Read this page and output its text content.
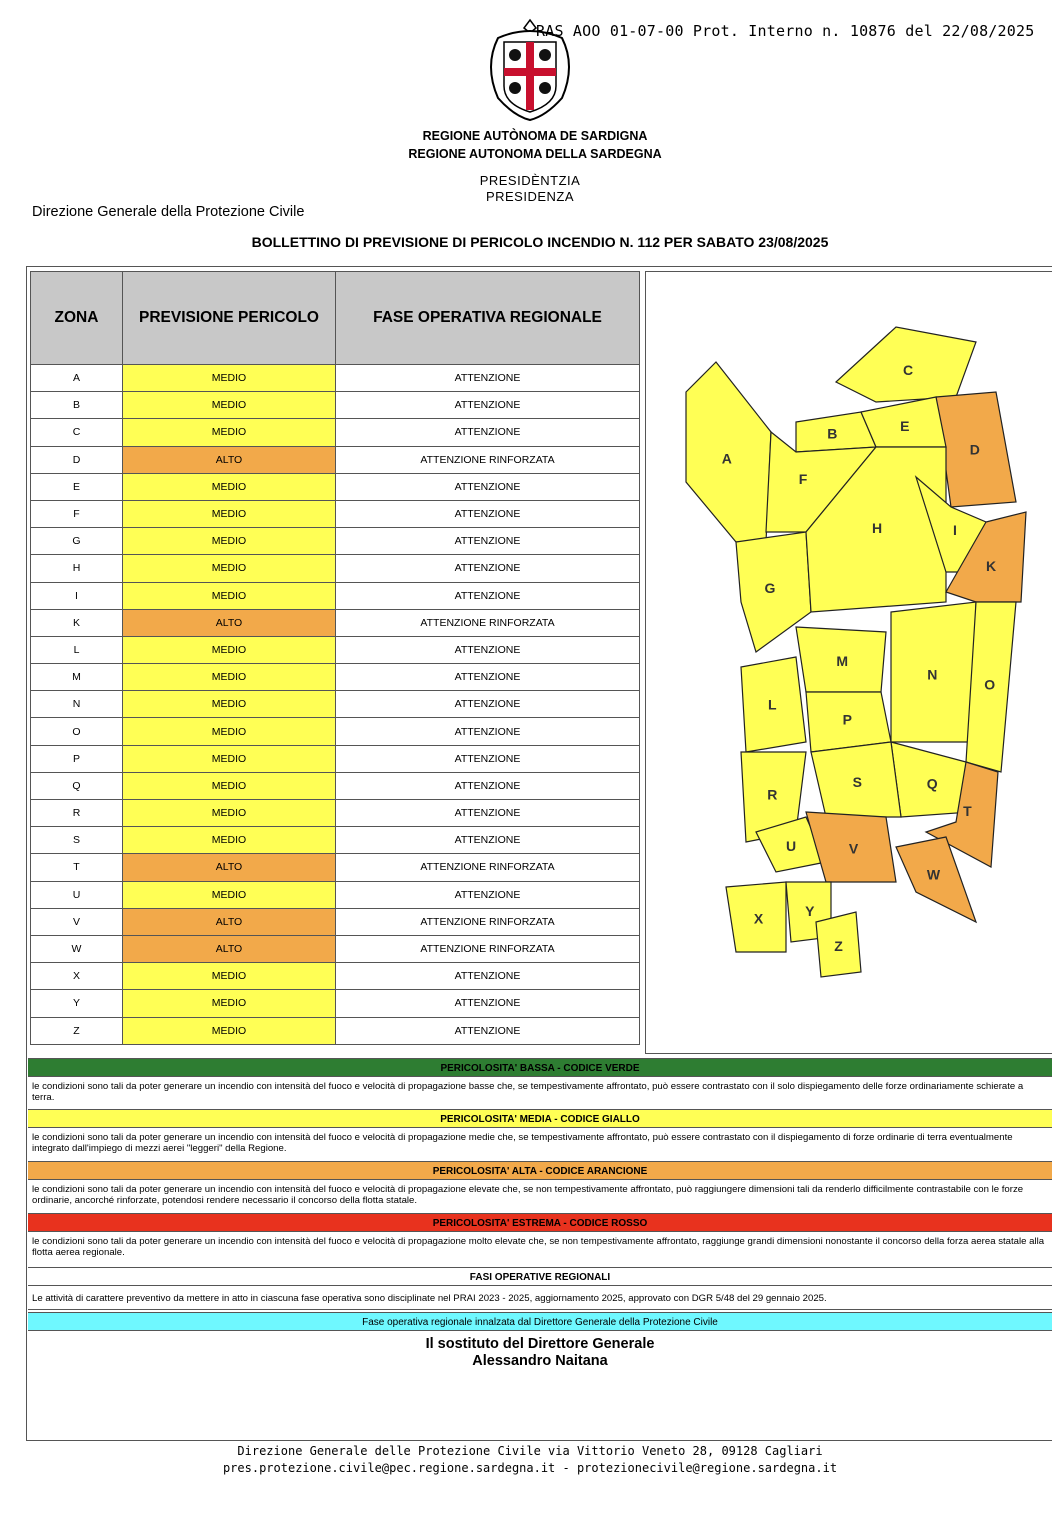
RAS AOO 01-07-00 Prot. Interno n. 10876 del 22/08/2025
REGIONE AUTÒNOMA DE SARDIGNA
REGIONE AUTONOMA DELLA SARDEGNA
PRESIDÈNTZIA
PRESIDENZA
Direzione Generale della Protezione Civile
BOLLETTINO DI PREVISIONE DI PERICOLO INCENDIO N. 112 PER SABATO 23/08/2025
ZONA	PREVISIONE PERICOLO	FASE OPERATIVA REGIONALE
A	MEDIO	ATTENZIONE
B	MEDIO	ATTENZIONE
C	MEDIO	ATTENZIONE
D	ALTO	ATTENZIONE RINFORZATA
E	MEDIO	ATTENZIONE
F	MEDIO	ATTENZIONE
G	MEDIO	ATTENZIONE
H	MEDIO	ATTENZIONE
I	MEDIO	ATTENZIONE
K	ALTO	ATTENZIONE RINFORZATA
L	MEDIO	ATTENZIONE
M	MEDIO	ATTENZIONE
N	MEDIO	ATTENZIONE
O	MEDIO	ATTENZIONE
P	MEDIO	ATTENZIONE
Q	MEDIO	ATTENZIONE
R	MEDIO	ATTENZIONE
S	MEDIO	ATTENZIONE
T	ALTO	ATTENZIONE RINFORZATA
U	MEDIO	ATTENZIONE
V	ALTO	ATTENZIONE RINFORZATA
W	ALTO	ATTENZIONE RINFORZATA
X	MEDIO	ATTENZIONE
Y	MEDIO	ATTENZIONE
Z	MEDIO	ATTENZIONE
A
B
C
D
E
F
G
H	I
K
L
M
N
O
P
Q
R
S
T
U	V
W
X	Y
Z
PERICOLOSITA' BASSA - CODICE VERDE
le condizioni sono tali da poter generare un incendio con intensità del fuoco e velocità di propagazione basse che, se tempestivamente affrontato, può essere contrastato con il solo dispiegamento delle forze ordinariamente schierate a terra.
PERICOLOSITA' MEDIA - CODICE GIALLO
le condizioni sono tali da poter generare un incendio con intensità del fuoco e velocità di propagazione medie che, se tempestivamente affrontato, può essere contrastato con il dispiegamento di forze ordinarie di terra eventualmente integrato dall'impiego di mezzi aerei "leggeri" della Regione.
PERICOLOSITA' ALTA - CODICE ARANCIONE
le condizioni sono tali da poter generare un incendio con intensità del fuoco e velocità di propagazione elevate che, se non tempestivamente affrontato, può raggiungere dimensioni tali da renderlo difficilmente contrastabile con le forze ordinarie, ancorché rinforzate, potendosi rendere necessario il concorso della flotta statale.
PERICOLOSITA' ESTREMA - CODICE ROSSO
le condizioni sono tali da poter generare un incendio con intensità del fuoco e velocità di propagazione molto elevate che, se non tempestivamente affrontato, raggiunge grandi dimensioni nonostante il concorso della forza aerea statale alla flotta aerea regionale.
FASI OPERATIVE REGIONALI
Le attività di carattere preventivo da mettere in atto in ciascuna fase operativa sono disciplinate nel PRAI 2023 - 2025, aggiornamento 2025, approvato con DGR 5/48 del 29 gennaio 2025.
Fase operativa regionale innalzata dal Direttore Generale della Protezione Civile
Il sostituto del Direttore Generale
Alessandro Naitana
Direzione Generale delle Protezione Civile via Vittorio Veneto 28, 09128 Cagliari
pres.protezione.civile@pec.regione.sardegna.it - protezionecivile@regione.sardegna.it
